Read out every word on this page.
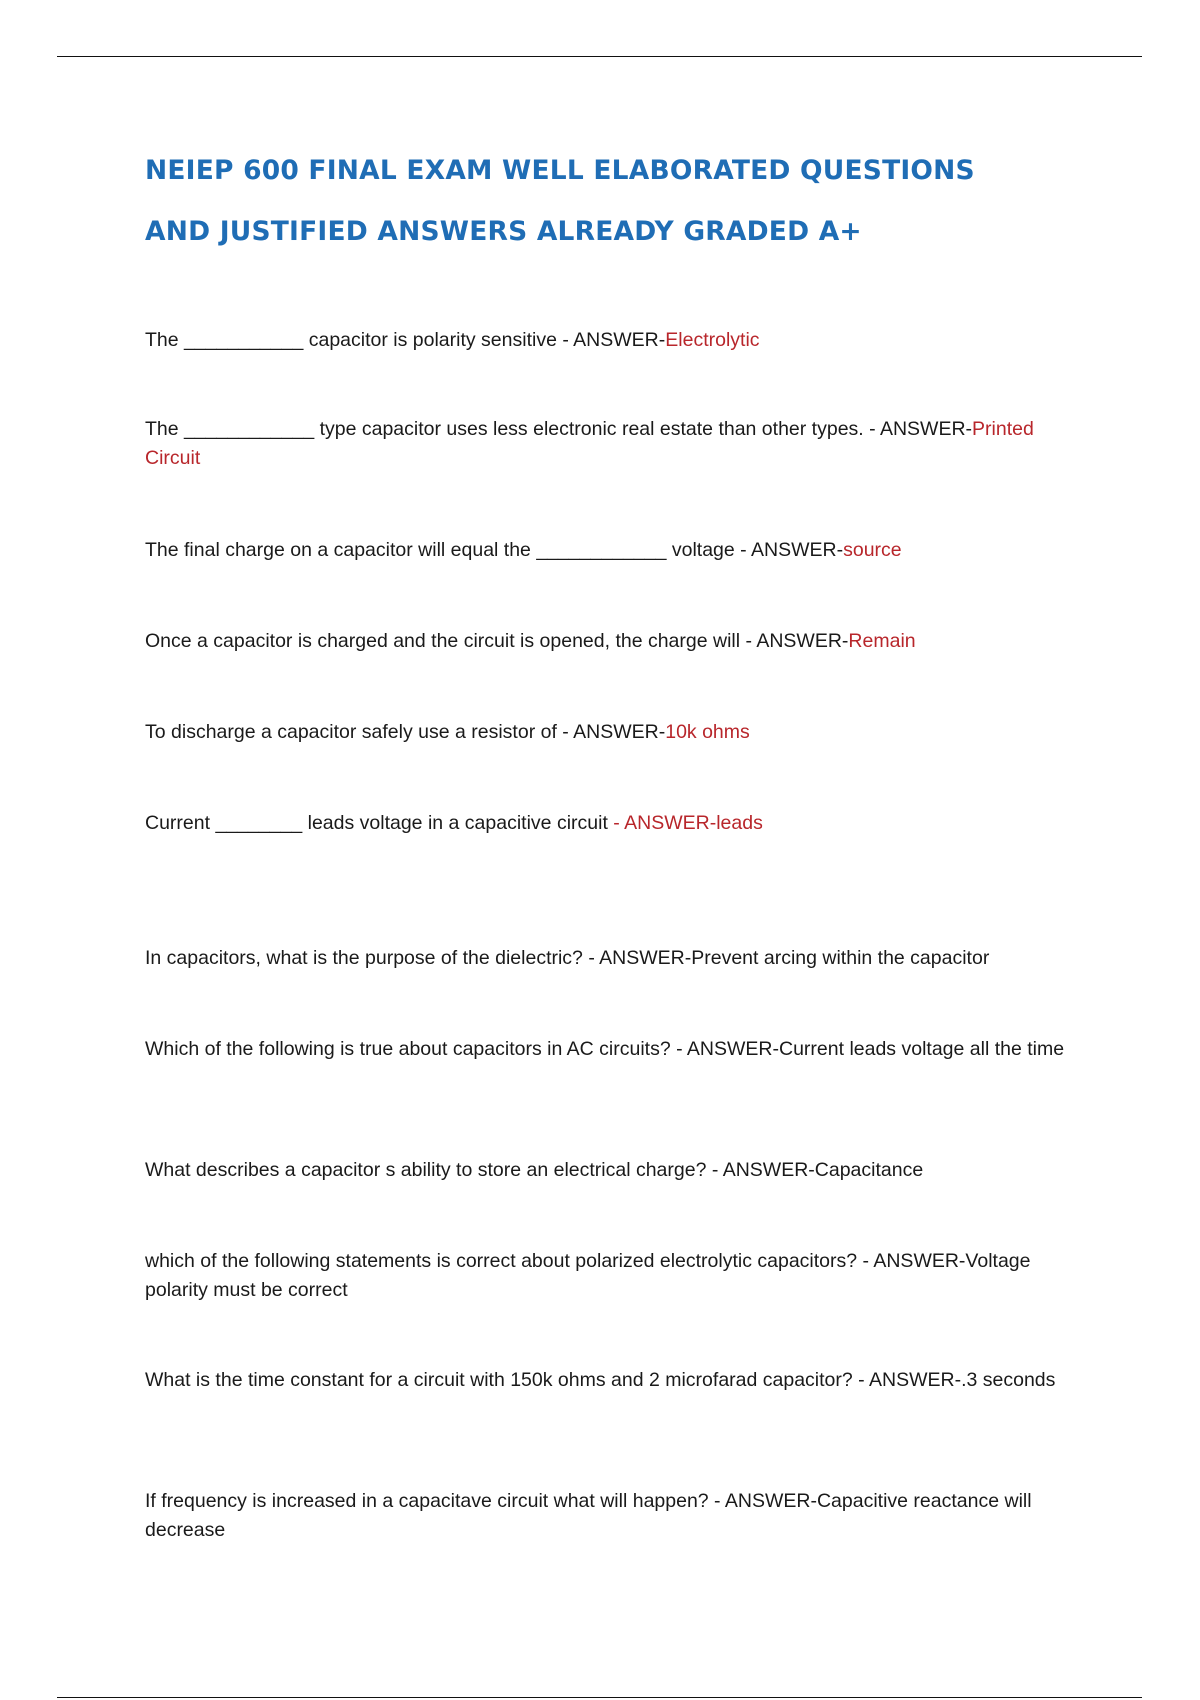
NEIEP 600 FINAL EXAM WELL ELABORATED QUESTIONS
AND JUSTIFIED ANSWERS ALREADY GRADED A+

The ___________ capacitor is polarity sensitive - ANSWER-Electrolytic

The ____________ type capacitor uses less electronic real estate than other types. - ANSWER-Printed Circuit

The final charge on a capacitor will equal the ____________ voltage - ANSWER-source

Once a capacitor is charged and the circuit is opened, the charge will - ANSWER-Remain

To discharge a capacitor safely use a resistor of - ANSWER-10k ohms

Current ________ leads voltage in a capacitive circuit - ANSWER-leads

In capacitors, what is the purpose of the dielectric? - ANSWER-Prevent arcing within the capacitor

Which of the following is true about capacitors in AC circuits? - ANSWER-Current leads voltage all the time

What describes a capacitor s ability to store an electrical charge? - ANSWER-Capacitance

which of the following statements is correct about polarized electrolytic capacitors? - ANSWER-Voltage polarity must be correct

What is the time constant for a circuit with 150k ohms and 2 microfarad capacitor? - ANSWER-.3 seconds

If frequency is increased in a capacitave circuit what will happen? - ANSWER-Capacitive reactance will decrease
